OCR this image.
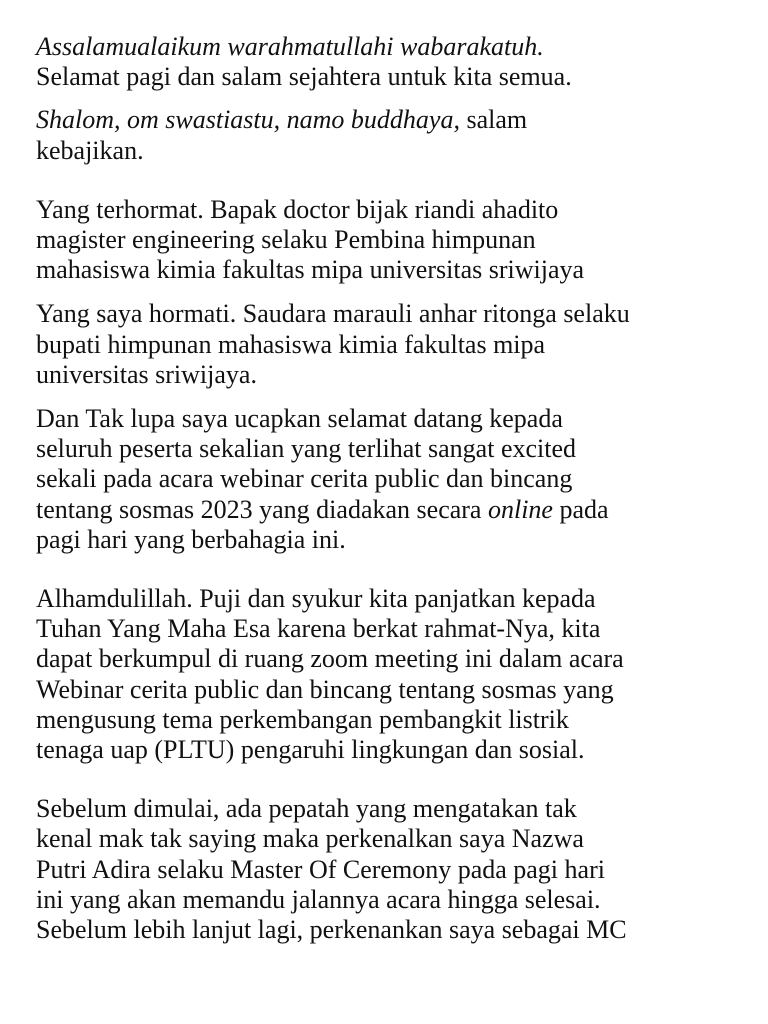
Assalamualaikum warahmatullahi wabarakatuh.
Selamat pagi dan salam sejahtera untuk kita semua.

Shalom, om swastiastu, namo buddhaya, salam
kebajikan.

Yang terhormat. Bapak doctor bijak riandi ahadito
magister engineering selaku Pembina himpunan
mahasiswa kimia fakultas mipa universitas sriwijaya

Yang saya hormati. Saudara marauli anhar ritonga selaku
bupati himpunan mahasiswa kimia fakultas mipa
universitas sriwijaya.

Dan Tak lupa saya ucapkan selamat datang kepada
seluruh peserta sekalian yang terlihat sangat excited
sekali pada acara webinar cerita public dan bincang
tentang sosmas 2023 yang diadakan secara online pada
pagi hari yang berbahagia ini.

Alhamdulillah. Puji dan syukur kita panjatkan kepada
Tuhan Yang Maha Esa karena berkat rahmat-Nya, kita
dapat berkumpul di ruang zoom meeting ini dalam acara
Webinar cerita public dan bincang tentang sosmas yang
mengusung tema perkembangan pembangkit listrik
tenaga uap (PLTU) pengaruhi lingkungan dan sosial.

Sebelum dimulai, ada pepatah yang mengatakan tak
kenal mak tak saying maka perkenalkan saya Nazwa
Putri Adira selaku Master Of Ceremony pada pagi hari
ini yang akan memandu jalannya acara hingga selesai.
Sebelum lebih lanjut lagi, perkenankan saya sebagai MC
